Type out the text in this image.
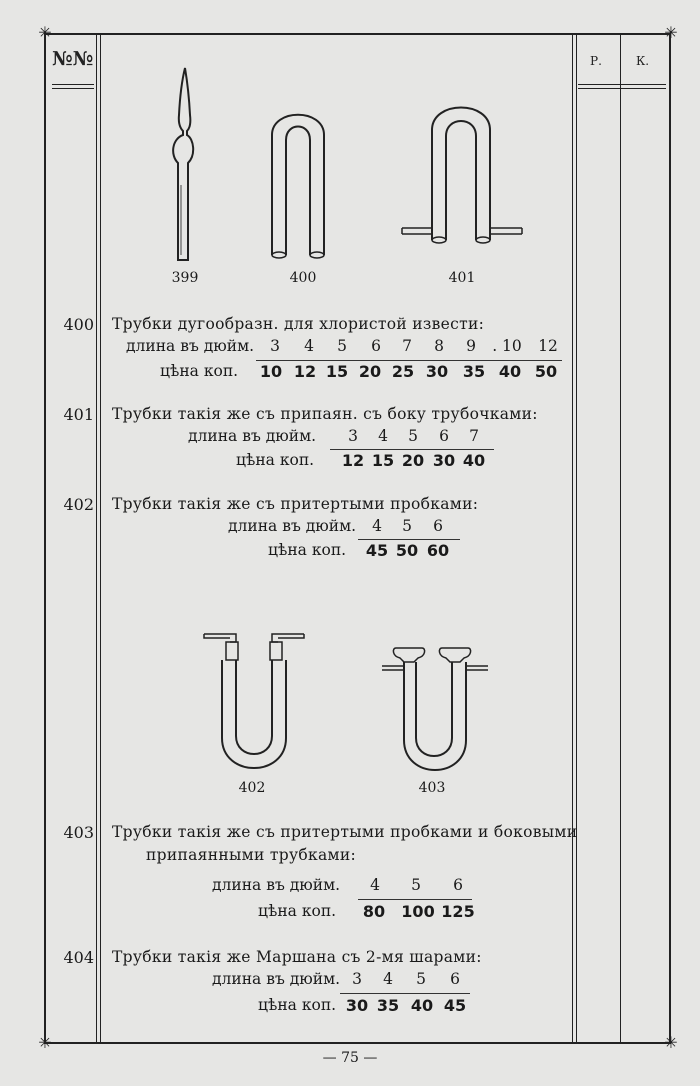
✳	✳
✳	✳
№№	Р.	К.
399	400	401
402	403
400 Трубки дугообразн. для хлористой извести:
длина въ дюйм.	3	4	5	6	7	8	9	. 10	12
цѣна коп.	10 12 15 20 25 30 35 40 50
401 Трубки такія же съ припаян. съ боку трубочками:
длина въ дюйм.	3	4	5	6	7
цѣна коп.	12 15 20 30 40
402 Трубки такія же съ притертыми пробками:
длина въ дюйм.	4	5	6
цѣна коп.	45 50 60
403 Трубки такія же съ притертыми пробками и боковыми
припаянными трубками:
длина въ дюйм.	4	5	6
цѣна коп.	80	100 125
404 Трубки такія же Маршана съ 2-мя шарами:
длина въ дюйм. 3	4	5	6
цѣна коп. 30 35 40 45
— 75 —
